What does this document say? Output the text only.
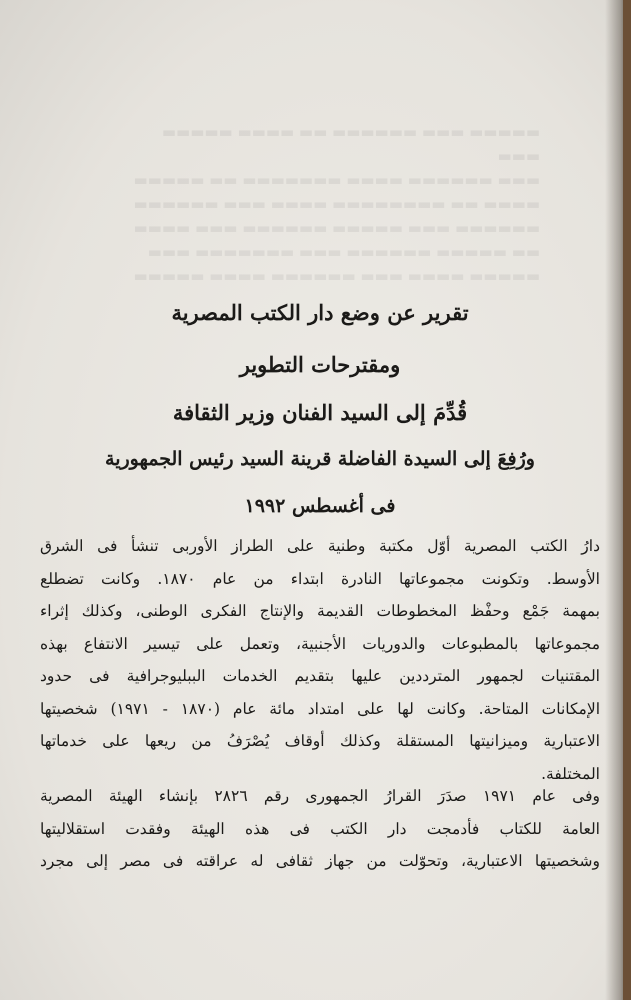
▬▬▬▬▬ ▬▬▬ ▬▬▬▬▬▬ ▬▬ ▬▬▬▬ ▬▬▬▬▬ ▬▬▬
▬▬▬ ▬▬▬▬▬▬ ▬▬▬▬ ▬▬▬▬▬▬▬ ▬▬ ▬▬▬▬▬
▬▬▬▬ ▬▬ ▬▬▬▬▬▬▬▬ ▬▬▬▬ ▬▬▬ ▬▬▬▬▬▬
▬▬▬▬▬▬ ▬▬▬ ▬▬▬▬▬ ▬▬▬▬▬▬ ▬▬▬ ▬▬▬▬
▬▬ ▬▬▬▬▬ ▬▬▬▬▬▬ ▬▬▬ ▬▬▬▬▬▬▬ ▬▬▬
▬▬▬▬▬ ▬▬▬▬ ▬▬▬ ▬▬▬▬▬▬ ▬▬▬▬ ▬▬▬▬▬

تقرير عن وضع دار الكتب المصرية

ومقترحات التطوير

قُدِّمَ إلى السيد الفنان وزير الثقافة

ورُفِعَ إلى السيدة الفاضلة قرينة السيد رئيس الجمهورية

فى أغسطس ١٩٩٢

دارُ الكتب المصرية أوّل مكتبة وطنية على الطراز الأوربى تنشأ فى الشرق
الأوسط. وتكونت مجموعاتها النادرة ابتداء من عام ١٨٧٠. وكانت تضطلع
بمهمة جَمْع وحفْظ المخطوطات القديمة والإنتاج الفكرى الوطنى، وكذلك إثراء
مجموعاتها بالمطبوعات والدوريات الأجنبية، وتعمل على تيسير الانتفاع بهذه
المقتنيات لجمهور المترددين عليها بتقديم الخدمات الببليوجرافية فى حدود
الإمكانات المتاحة. وكانت لها على امتداد مائة عام (١٨٧٠ - ١٩٧١) شخصيتها
الاعتبارية وميزانيتها المستقلة وكذلك أوقاف يُصْرَفُ من ريعها على خدماتها
المختلفة.
وفى عام ١٩٧١ صدَرَ القرارُ الجمهورى رقم ٢٨٢٦ بإنشاء الهيئة المصرية
العامة للكتاب فأدمجت دار الكتب فى هذه الهيئة وفقدت استقلاليتها
وشخصيتها الاعتبارية، وتحوّلت من جهاز ثقافى له عراقته فى مصر إلى مجرد
